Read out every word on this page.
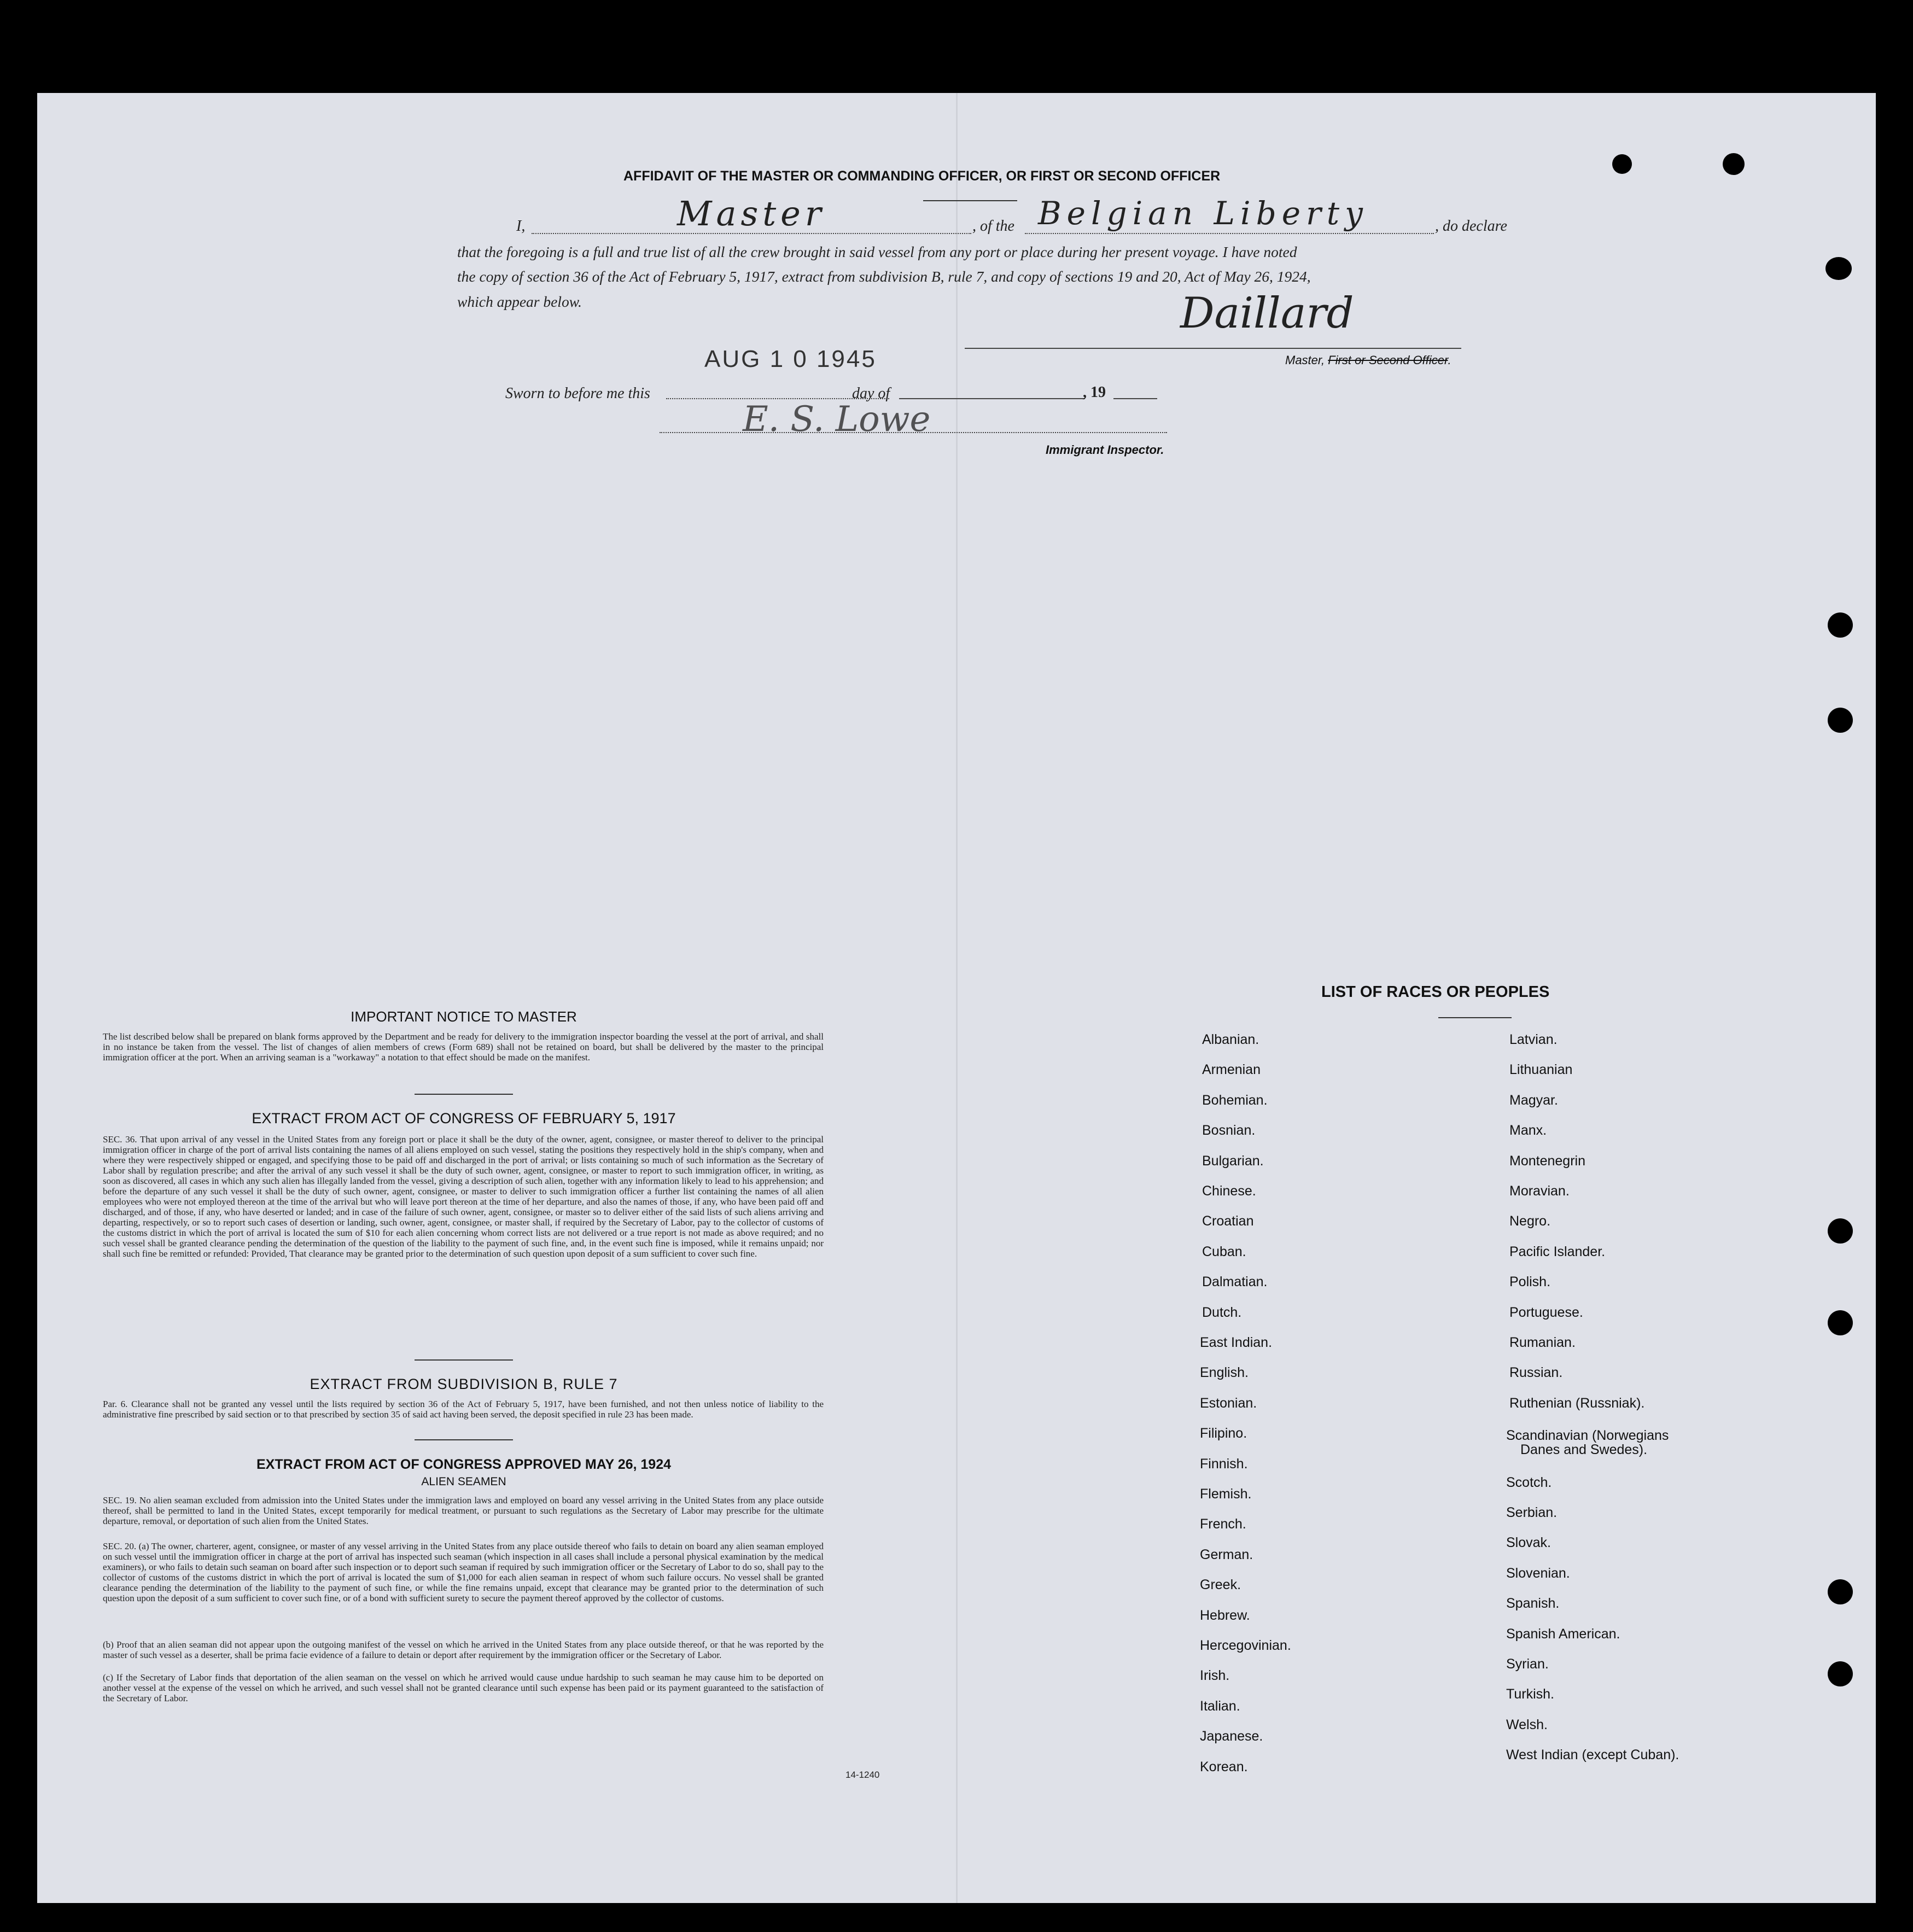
AFFIDAVIT OF THE MASTER OR COMMANDING OFFICER, OR FIRST OR SECOND OFFICER
I,	Master	, of the Belgian Liberty	, do declare
that the foregoing is a full and true list of all the crew brought in said vessel from any port or place during her present voyage. I have noted
the copy of section 36 of the Act of February 5, 1917, extract from subdivision B, rule 7, and copy of sections 19 and 20, Act of May 26, 1924,
which appear below.	Daillard
Master, First or Second Officer.
AUG 1 0 1945
Sworn to before me this	day of	, 19
E. S. Lowe
Immigrant Inspector.
IMPORTANT NOTICE TO MASTER
The list described below shall be prepared on blank forms approved by the Department and be ready for delivery to the immigration inspector boarding the vessel at the port of arrival, and shall in no instance be taken from the vessel. The list of changes of alien members of crews (Form 689) shall not be retained on board, but shall be delivered by the master to the principal immigration officer at the port. When an arriving seaman is a "workaway" a notation to that effect should be made on the manifest.
EXTRACT FROM ACT OF CONGRESS OF FEBRUARY 5, 1917
SEC. 36. That upon arrival of any vessel in the United States from any foreign port or place it shall be the duty of the owner, agent, consignee, or master thereof to deliver to the principal immigration officer in charge of the port of arrival lists containing the names of all aliens employed on such vessel, stating the positions they respectively hold in the ship's company, when and where they were respectively shipped or engaged, and specifying those to be paid off and discharged in the port of arrival; or lists containing so much of such information as the Secretary of Labor shall by regulation prescribe; and after the arrival of any such vessel it shall be the duty of such owner, agent, consignee, or master to report to such immigration officer, in writing, as soon as discovered, all cases in which any such alien has illegally landed from the vessel, giving a description of such alien, together with any information likely to lead to his apprehension; and before the departure of any such vessel it shall be the duty of such owner, agent, consignee, or master to deliver to such immigration officer a further list containing the names of all alien employees who were not employed thereon at the time of the arrival but who will leave port thereon at the time of her departure, and also the names of those, if any, who have been paid off and discharged, and of those, if any, who have deserted or landed; and in case of the failure of such owner, agent, consignee, or master so to deliver either of the said lists of such aliens arriving and departing, respectively, or so to report such cases of desertion or landing, such owner, agent, consignee, or master shall, if required by the Secretary of Labor, pay to the collector of customs of the customs district in which the port of arrival is located the sum of $10 for each alien concerning whom correct lists are not delivered or a true report is not made as above required; and no such vessel shall be granted clearance pending the determination of the question of the liability to the payment of such fine, and, in the event such fine is imposed, while it remains unpaid; nor shall such fine be remitted or refunded: Provided, That clearance may be granted prior to the determination of such question upon deposit of a sum sufficient to cover such fine.
EXTRACT FROM SUBDIVISION B, RULE 7
Par. 6. Clearance shall not be granted any vessel until the lists required by section 36 of the Act of February 5, 1917, have been furnished, and not then unless notice of liability to the administrative fine prescribed by said section or to that prescribed by section 35 of said act having been served, the deposit specified in rule 23 has been made.
EXTRACT FROM ACT OF CONGRESS APPROVED MAY 26, 1924
ALIEN SEAMEN
SEC. 19. No alien seaman excluded from admission into the United States under the immigration laws and employed on board any vessel arriving in the United States from any place outside thereof, shall be permitted to land in the United States, except temporarily for medical treatment, or pursuant to such regulations as the Secretary of Labor may prescribe for the ultimate departure, removal, or deportation of such alien from the United States.
SEC. 20. (a) The owner, charterer, agent, consignee, or master of any vessel arriving in the United States from any place outside thereof who fails to detain on board any alien seaman employed on such vessel until the immigration officer in charge at the port of arrival has inspected such seaman (which inspection in all cases shall include a personal physical examination by the medical examiners), or who fails to detain such seaman on board after such inspection or to deport such seaman if required by such immigration officer or the Secretary of Labor to do so, shall pay to the collector of customs of the customs district in which the port of arrival is located the sum of $1,000 for each alien seaman in respect of whom such failure occurs. No vessel shall be granted clearance pending the determination of the liability to the payment of such fine, or while the fine remains unpaid, except that clearance may be granted prior to the determination of such question upon the deposit of a sum sufficient to cover such fine, or of a bond with sufficient surety to secure the payment thereof approved by the collector of customs.
(b) Proof that an alien seaman did not appear upon the outgoing manifest of the vessel on which he arrived in the United States from any place outside thereof, or that he was reported by the master of such vessel as a deserter, shall be prima facie evidence of a failure to detain or deport after requirement by the immigration officer or the Secretary of Labor.
(c) If the Secretary of Labor finds that deportation of the alien seaman on the vessel on which he arrived would cause undue hardship to such seaman he may cause him to be deported on another vessel at the expense of the vessel on which he arrived, and such vessel shall not be granted clearance until such expense has been paid or its payment guaranteed to the satisfaction of the Secretary of Labor.
14-1240
LIST OF RACES OR PEOPLES
Albanian.
Armenian
Bohemian.
Bosnian.
Bulgarian.
Chinese.
Croatian
Cuban.
Dalmatian.
Dutch.
East Indian.
English.
Estonian.
Filipino.
Finnish.
Flemish.
French.
German.
Greek.
Hebrew.
Hercegovinian.
Irish.
Italian.
Japanese.
Korean.
Latvian.
Lithuanian
Magyar.
Manx.
Montenegrin
Moravian.
Negro.
Pacific Islander.
Polish.
Portuguese.
Rumanian.
Russian.
Ruthenian (Russniak).
Scandinavian (Norwegians
Danes and Swedes).
Scotch.
Serbian.
Slovak.
Slovenian.
Spanish.
Spanish American.
Syrian.
Turkish.
Welsh.
West Indian (except Cuban).
